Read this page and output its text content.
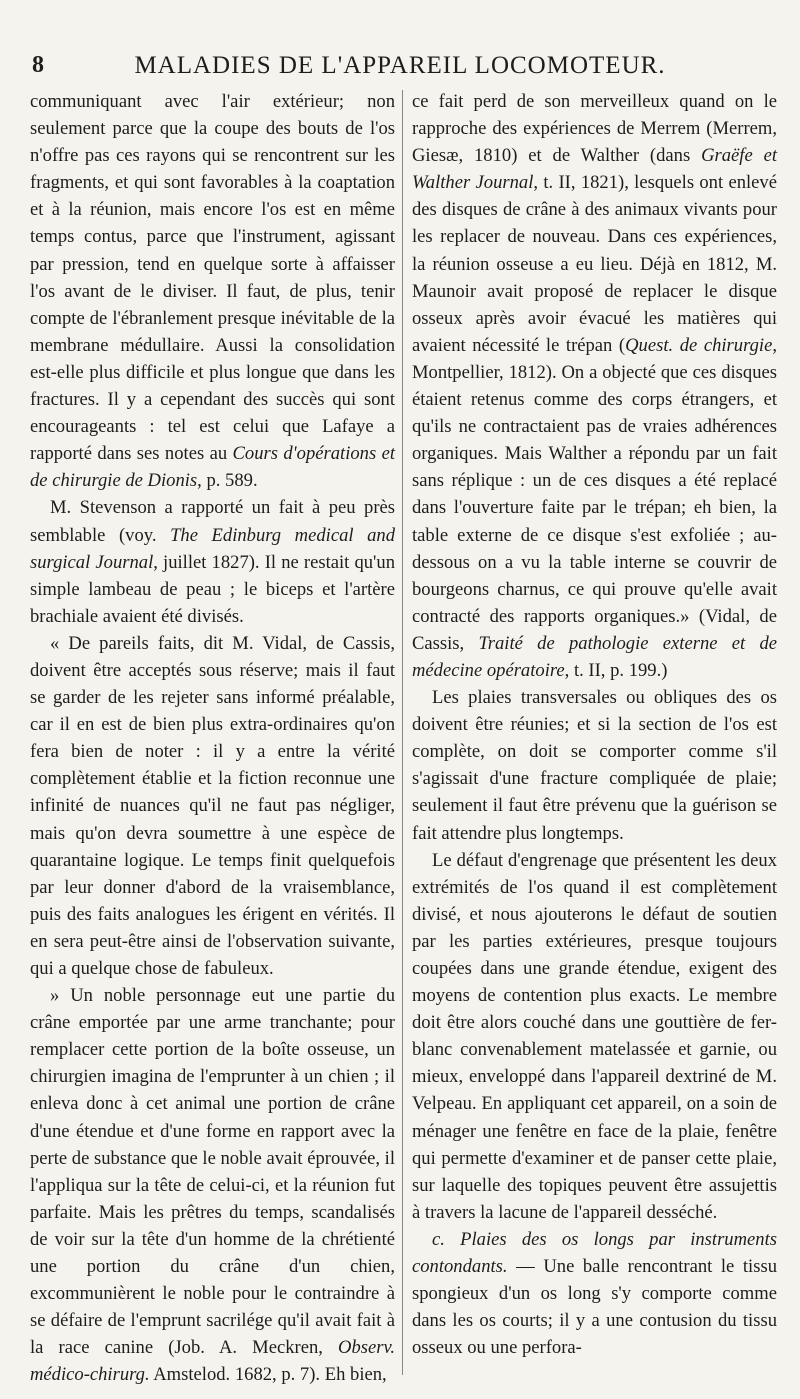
8	MALADIES DE L'APPAREIL LOCOMOTEUR.

communiquant avec l'air extérieur; non seulement parce que la coupe des bouts de l'os n'offre pas ces rayons qui se rencontrent sur les fragments, et qui sont favorables à la coaptation et à la réunion, mais encore l'os est en même temps contus, parce que l'instrument, agissant par pression, tend en quelque sorte à affaisser l'os avant de le diviser. Il faut, de plus, tenir compte de l'ébranlement presque inévitable de la membrane médullaire. Aussi la consolidation est-elle plus difficile et plus longue que dans les fractures. Il y a cependant des succès qui sont encourageants : tel est celui que Lafaye a rapporté dans ses notes au Cours d'opérations et de chirurgie de Dionis, p. 589.

M. Stevenson a rapporté un fait à peu près semblable (voy. The Edinburg medical and surgical Journal, juillet 1827). Il ne restait qu'un simple lambeau de peau ; le biceps et l'artère brachiale avaient été divisés.

« De pareils faits, dit M. Vidal, de Cassis, doivent être acceptés sous réserve; mais il faut se garder de les rejeter sans informé préalable, car il en est de bien plus extra-ordinaires qu'on fera bien de noter : il y a entre la vérité complètement établie et la fiction reconnue une infinité de nuances qu'il ne faut pas négliger, mais qu'on devra soumettre à une espèce de quarantaine logique. Le temps finit quelquefois par leur donner d'abord de la vraisemblance, puis des faits analogues les érigent en vérités. Il en sera peut-être ainsi de l'observation suivante, qui a quelque chose de fabuleux.

» Un noble personnage eut une partie du crâne emportée par une arme tranchante; pour remplacer cette portion de la boîte osseuse, un chirurgien imagina de l'emprunter à un chien ; il enleva donc à cet animal une portion de crâne d'une étendue et d'une forme en rapport avec la perte de substance que le noble avait éprouvée, il l'appliqua sur la tête de celui-ci, et la réunion fut parfaite. Mais les prêtres du temps, scandalisés de voir sur la tête d'un homme de la chrétienté une portion du crâne d'un chien, excommunièrent le noble pour le contraindre à se défaire de l'emprunt sacrilége qu'il avait fait à la race canine (Job. A. Meckren, Observ. médico-chirurg. Amstelod. 1682, p. 7). Eh bien,

ce fait perd de son merveilleux quand on le rapproche des expériences de Merrem (Merrem, Giesæ, 1810) et de Walther (dans Graëfe et Walther Journal, t. II, 1821), lesquels ont enlevé des disques de crâne à des animaux vivants pour les replacer de nouveau. Dans ces expériences, la réunion osseuse a eu lieu. Déjà en 1812, M. Maunoir avait proposé de replacer le disque osseux après avoir évacué les matières qui avaient nécessité le trépan (Quest. de chirurgie, Montpellier, 1812). On a objecté que ces disques étaient retenus comme des corps étrangers, et qu'ils ne contractaient pas de vraies adhérences organiques. Mais Walther a répondu par un fait sans réplique : un de ces disques a été replacé dans l'ouverture faite par le trépan; eh bien, la table externe de ce disque s'est exfoliée ; au-dessous on a vu la table interne se couvrir de bourgeons charnus, ce qui prouve qu'elle avait contracté des rapports organiques.» (Vidal, de Cassis, Traité de pathologie externe et de médecine opératoire, t. II, p. 199.)

Les plaies transversales ou obliques des os doivent être réunies; et si la section de l'os est complète, on doit se comporter comme s'il s'agissait d'une fracture compliquée de plaie; seulement il faut être prévenu que la guérison se fait attendre plus longtemps.

Le défaut d'engrenage que présentent les deux extrémités de l'os quand il est complètement divisé, et nous ajouterons le défaut de soutien par les parties extérieures, presque toujours coupées dans une grande étendue, exigent des moyens de contention plus exacts. Le membre doit être alors couché dans une gouttière de fer-blanc convenablement matelassée et garnie, ou mieux, enveloppé dans l'appareil dextriné de M. Velpeau. En appliquant cet appareil, on a soin de ménager une fenêtre en face de la plaie, fenêtre qui permette d'examiner et de panser cette plaie, sur laquelle des topiques peuvent être assujettis à travers la lacune de l'appareil desséché.

c. Plaies des os longs par instruments contondants. — Une balle rencontrant le tissu spongieux d'un os long s'y comporte comme dans les os courts; il y a une contusion du tissu osseux ou une perfora-
